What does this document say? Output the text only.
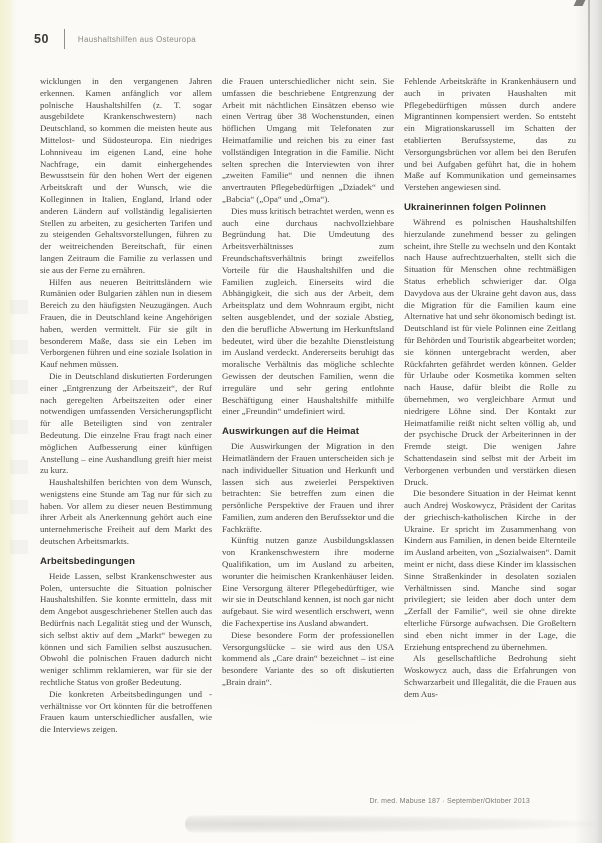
50	Haushaltshilfen aus Osteuropa

wicklungen in den vergangenen Jahren erkennen. Kamen anfänglich vor allem polnische Haushaltshilfen (z. T. sogar ausgebildete Krankenschwestern) nach Deutschland, so kommen die meisten heute aus Mittelost- und Südosteuropa. Ein niedriges Lohnniveau im eigenen Land, eine hohe Nachfrage, ein damit einhergehendes Bewusstsein für den hohen Wert der eigenen Arbeitskraft und der Wunsch, wie die Kolleginnen in Italien, England, Irland oder anderen Ländern auf vollständig legalisierten Stellen zu arbeiten, zu gesicherten Tarifen und zu steigenden Gehaltsvorstellungen, führen zu der weitreichenden Bereitschaft, für einen langen Zeitraum die Familie zu verlassen und sie aus der Ferne zu ernähren.

Hilfen aus neueren Beitrittsländern wie Rumänien oder Bulgarien zählen nun in diesem Bereich zu den häufigsten Neuzugängen. Auch Frauen, die in Deutschland keine Angehörigen haben, werden vermittelt. Für sie gilt in besonderem Maße, dass sie ein Leben im Verborgenen führen und eine soziale Isolation in Kauf nehmen müssen.

Die in Deutschland diskutierten Forderungen einer „Entgrenzung der Arbeitszeit“, der Ruf nach geregelten Arbeitszeiten oder einer notwendigen umfassenden Versicherungspflicht für alle Beteiligten sind von zentraler Bedeutung. Die einzelne Frau fragt nach einer möglichen Aufbesserung einer künftigen Anstellung – eine Aushandlung greift hier meist zu kurz.

Haushaltshilfen berichten von dem Wunsch, wenigstens eine Stunde am Tag nur für sich zu haben. Vor allem zu dieser neuen Bestimmung ihrer Arbeit als Anerkennung gehört auch eine unternehmerische Freiheit auf dem Markt des deutschen Arbeitsmarkts.

Arbeitsbedingungen

Heide Lassen, selbst Krankenschwester aus Polen, untersuchte die Situation polnischer Haushaltshilfen. Sie konnte ermitteln, dass mit dem Angebot ausgeschriebener Stellen auch das Bedürfnis nach Legalität stieg und der Wunsch, sich selbst aktiv auf dem „Markt“ bewegen zu können und sich Familien selbst auszusuchen. Obwohl die polnischen Frauen dadurch nicht weniger schlimm reklamieren, war für sie der rechtliche Status von großer Bedeutung.

Die konkreten Arbeitsbedingungen und -verhältnisse vor Ort könnten für die betroffenen Frauen kaum unterschiedlicher ausfallen, wie die Interviews zeigen.

die Frauen unterschiedlicher nicht sein. Sie umfassen die beschriebene Entgrenzung der Arbeit mit nächtlichen Einsätzen ebenso wie einen Vertrag über 38 Wochenstunden, einen höflichen Umgang mit Telefonaten zur Heimatfamilie und reichen bis zu einer fast vollständigen Integration in die Familie. Nicht selten sprechen die Interviewten von ihrer „zweiten Familie“ und nennen die ihnen anvertrauten Pflegebedürftigen „Dziadek“ und „Babcia“ („Opa“ und „Oma“).

Dies muss kritisch betrachtet werden, wenn es auch eine durchaus nachvollziehbare Begründung hat. Die Umdeutung des Arbeitsverhältnisses zum Freundschaftsverhältnis bringt zweifellos Vorteile für die Haushaltshilfen und die Familien zugleich. Einerseits wird die Abhängigkeit, die sich aus der Arbeit, dem Arbeitsplatz und dem Wohnraum ergibt, nicht selten ausgeblendet, und der soziale Abstieg, den die berufliche Abwertung im Herkunftsland bedeutet, wird über die bezahlte Dienstleistung im Ausland verdeckt. Andererseits beruhigt das moralische Verhältnis das mögliche schlechte Gewissen der deutschen Familien, wenn die irreguläre und sehr gering entlohnte Beschäftigung einer Haushaltshilfe mithilfe einer „Freundin“ umdefiniert wird.

Auswirkungen auf die Heimat

Die Auswirkungen der Migration in den Heimatländern der Frauen unterscheiden sich je nach individueller Situation und Herkunft und lassen sich aus zweierlei Perspektiven betrachten: Sie betreffen zum einen die persönliche Perspektive der Frauen und ihrer Familien, zum anderen den Berufssektor und die Fachkräfte.

Künftig nutzen ganze Ausbildungsklassen von Krankenschwestern ihre moderne Qualifikation, um im Ausland zu arbeiten, worunter die heimischen Krankenhäuser leiden. Eine Versorgung älterer Pflegebedürftiger, wie wir sie in Deutschland kennen, ist noch gar nicht aufgebaut. Sie wird wesentlich erschwert, wenn die Fachexpertise ins Ausland abwandert.

Diese besondere Form der professionellen Versorgungslücke – sie wird aus den USA kommend als „Care drain“ bezeichnet – ist eine besondere Variante des so oft diskutierten „Brain drain“.

Fehlende Arbeitskräfte in Krankenhäusern und auch in privaten Haushalten mit Pflegebedürftigen müssen durch andere Migrantinnen kompensiert werden. So entsteht ein Migrationskarussell im Schatten der etablierten Berufssysteme, das zu Versorgungsbrüchen vor allem bei den Berufen und bei Aufgaben geführt hat, die in hohem Maße auf Kommunikation und gemeinsames Verstehen angewiesen sind.

Ukrainerinnen folgen Polinnen

Während es polnischen Haushaltshilfen hierzulande zunehmend besser zu gelingen scheint, ihre Stelle zu wechseln und den Kontakt nach Hause aufrechtzuerhalten, stellt sich die Situation für Menschen ohne rechtmäßigen Status erheblich schwieriger dar. Olga Davydova aus der Ukraine geht davon aus, dass die Migration für die Familien kaum eine Alternative hat und sehr ökonomisch bedingt ist. Deutschland ist für viele Polinnen eine Zeitlang für Behörden und Touristik abgearbeitet worden; sie können untergebracht werden, aber Rückfahrten gefährdet werden können. Gelder für Urlaube oder Kosmetika kommen selten nach Hause, dafür bleibt die Rolle zu übernehmen, wo vergleichbare Armut und niedrigere Löhne sind. Der Kontakt zur Heimatfamilie reißt nicht selten völlig ab, und der psychische Druck der Arbeiterinnen in der Fremde steigt. Die wenigen Jahre Schattendasein sind selbst mit der Arbeit im Verborgenen verbunden und verstärken diesen Druck.

Die besondere Situation in der Heimat kennt auch Andrej Woskowycz, Präsident der Caritas der griechisch-katholischen Kirche in der Ukraine. Er spricht im Zusammenhang von Kindern aus Familien, in denen beide Elternteile im Ausland arbeiten, von „Sozialwaisen“. Damit meint er nicht, dass diese Kinder im klassischen Sinne Straßenkinder in desolaten sozialen Verhältnissen sind. Manche sind sogar privilegiert; sie leiden aber doch unter dem „Zerfall der Familie“, weil sie ohne direkte elterliche Fürsorge aufwachsen. Die Großeltern sind eben nicht immer in der Lage, die Erziehung entsprechend zu übernehmen.

Als gesellschaftliche Bedrohung sieht Woskowycz auch, dass die Erfahrungen von Schwarzarbeit und Illegalität, die die Frauen aus dem Aus-

Dr. med. Mabuse 187 · September/Oktober 2013
